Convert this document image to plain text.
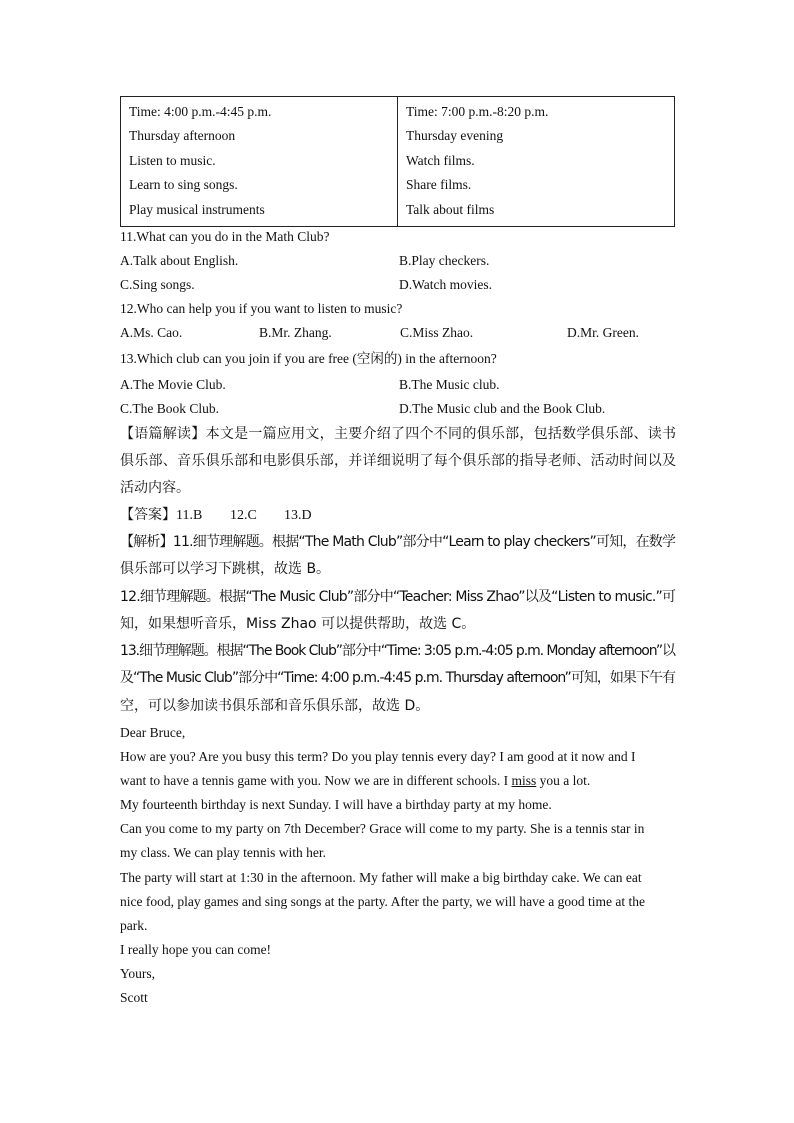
Time: 4:00 p.m.-4:45 p.m.
Thursday afternoon
Listen to music.
Learn to sing songs.
Play musical instruments

Time: 7:00 p.m.-8:20 p.m.
Thursday evening
Watch films.
Share films.
Talk about films
11.What can you do in the Math Club?
A.Talk about English.	B.Play checkers.
C.Sing songs.	D.Watch movies.
12.Who can help you if you want to listen to music?
A.Ms. Cao.	B.Mr. Zhang.	C.Miss Zhao.	D.Mr. Green.
13.Which club can you join if you are free (空闲的) in the afternoon?
A.The Movie Club.	B.The Music club.
C.The Book Club.	D.The Music club and the Book Club.
【语篇解读】本文是一篇应用文，主要介绍了四个不同的俱乐部，包括数学俱乐部、读书
俱乐部、音乐俱乐部和电影俱乐部，并详细说明了每个俱乐部的指导老师、活动时间以及
活动内容。
【答案】11.B 12.C 13.D
【解析】11.细节理解题。根据“The Math Club”部分中“Learn to play checkers”可知，在数学
俱乐部可以学习下跳棋，故选 B。
12.细节理解题。根据“The Music Club”部分中“Teacher: Miss Zhao”以及“Listen to music.”可
知，如果想听音乐，Miss Zhao 可以提供帮助，故选 C。
13.细节理解题。根据“The Book Club”部分中“Time: 3:05 p.m.-4:05 p.m. Monday afternoon”以
及“The Music Club”部分中“Time: 4:00 p.m.-4:45 p.m. Thursday afternoon”可知，如果下午有
空，可以参加读书俱乐部和音乐俱乐部，故选 D。
Dear Bruce,
How are you? Are you busy this term? Do you play tennis every day? I am good at it now and I
want to have a tennis game with you. Now we are in different schools. I miss you a lot.
My fourteenth birthday is next Sunday. I will have a birthday party at my home.
Can you come to my party on 7th December? Grace will come to my party. She is a tennis star in
my class. We can play tennis with her.
The party will start at 1:30 in the afternoon. My father will make a big birthday cake. We can eat
nice food, play games and sing songs at the party. After the party, we will have a good time at the
park.
I really hope you can come!
Yours,
Scott
